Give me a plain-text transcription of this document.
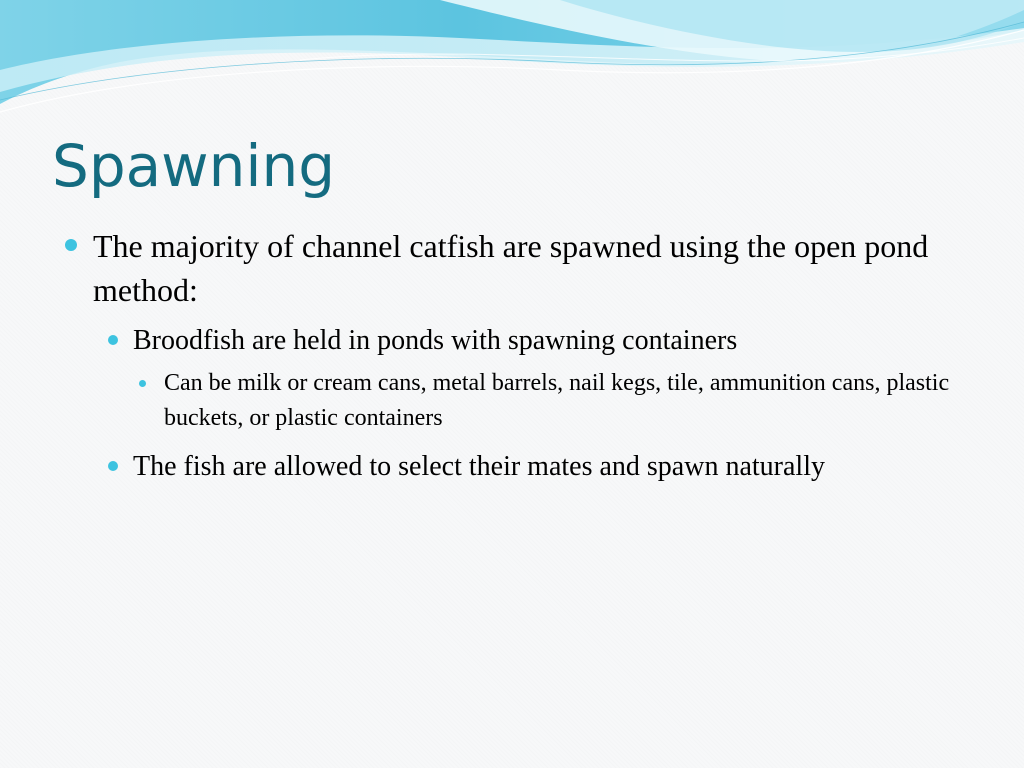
Spawning
The majority of channel catfish are spawned using the open pond method:
Broodfish are held in ponds with spawning containers
Can be milk or cream cans, metal barrels, nail kegs, tile, ammunition cans, plastic buckets, or plastic containers
The fish are allowed to select their mates and spawn naturally
